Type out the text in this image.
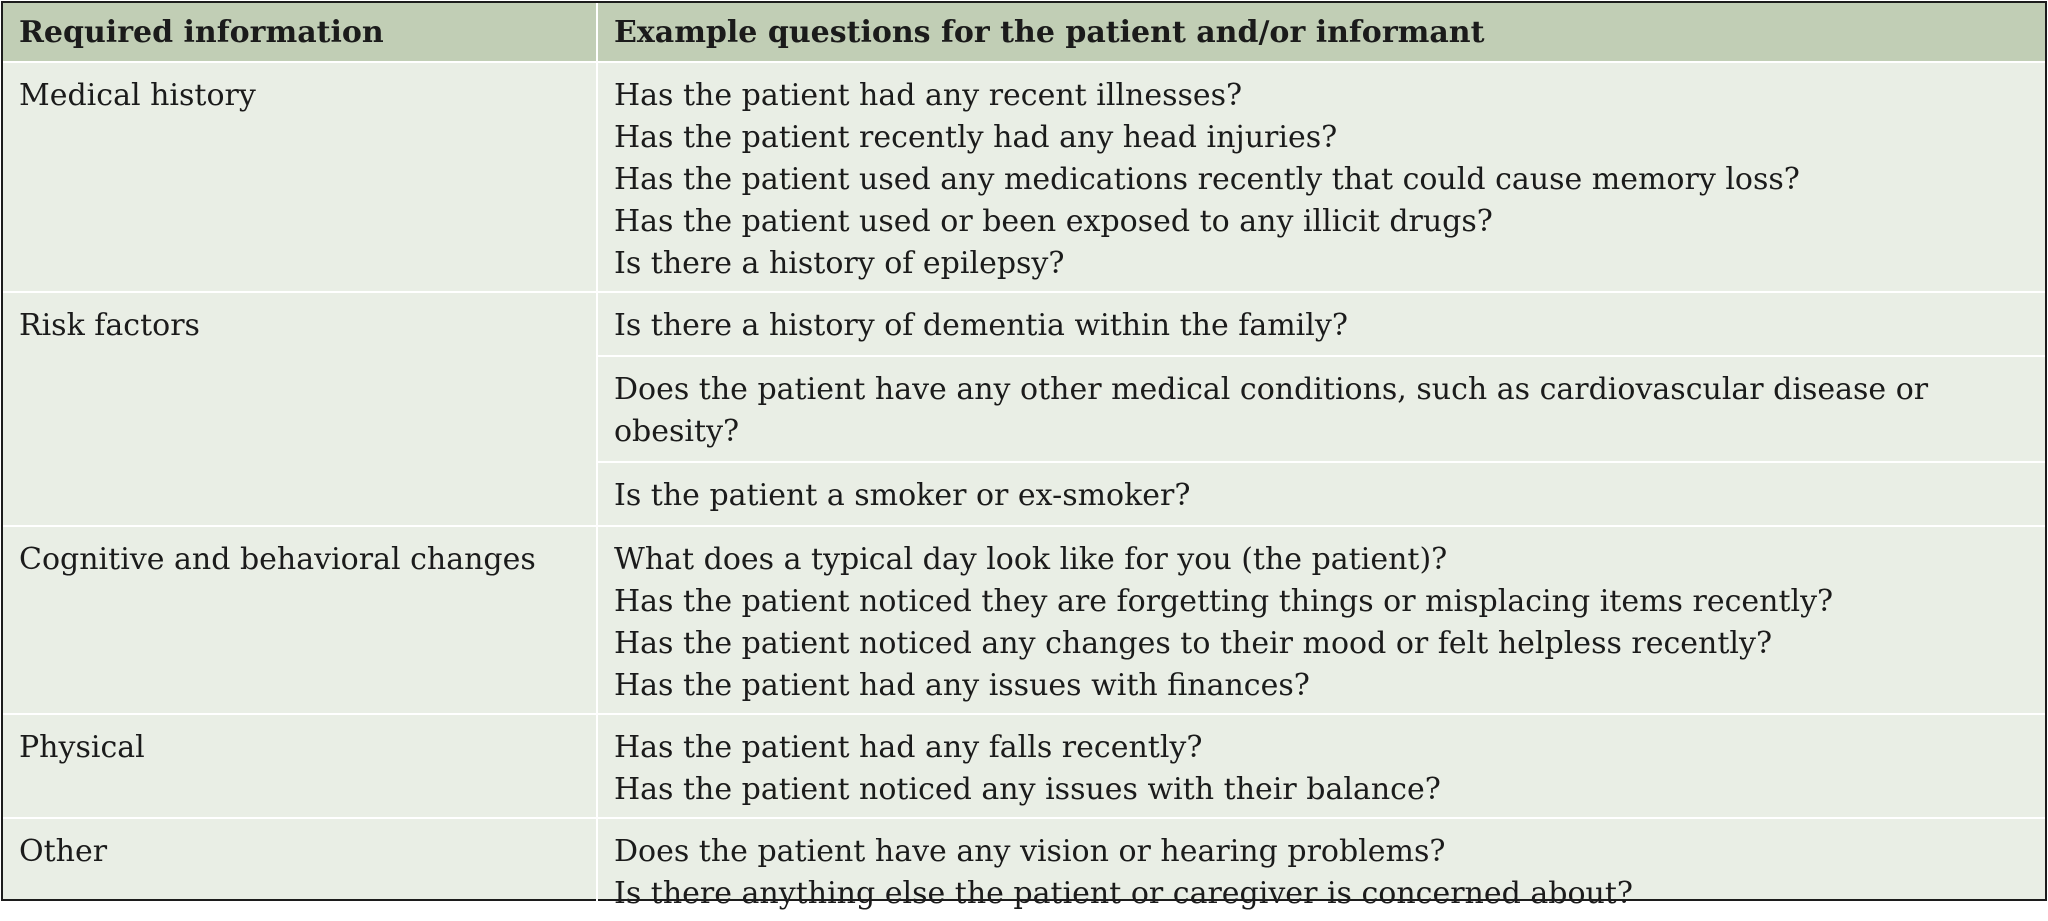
Required information	Example questions for the patient and/or informant
Medical history	Has the patient had any recent illnesses?
Has the patient recently had any head injuries?
Has the patient used any medications recently that could cause memory loss?
Has the patient used or been exposed to any illicit drugs?
Is there a history of epilepsy?

Risk factors	Is there a history of dementia within the family?

	Does the patient have any other medical conditions, such as cardiovascular disease or obesity?

	Is the patient a smoker or ex-smoker?

Cognitive and behavioral changes	What does a typical day look like for you (the patient)?
Has the patient noticed they are forgetting things or misplacing items recently?
Has the patient noticed any changes to their mood or felt helpless recently?
Has the patient had any issues with finances?

Physical	Has the patient had any falls recently?
Has the patient noticed any issues with their balance?

Other	Does the patient have any vision or hearing problems?
Is there anything else the patient or caregiver is concerned about?
